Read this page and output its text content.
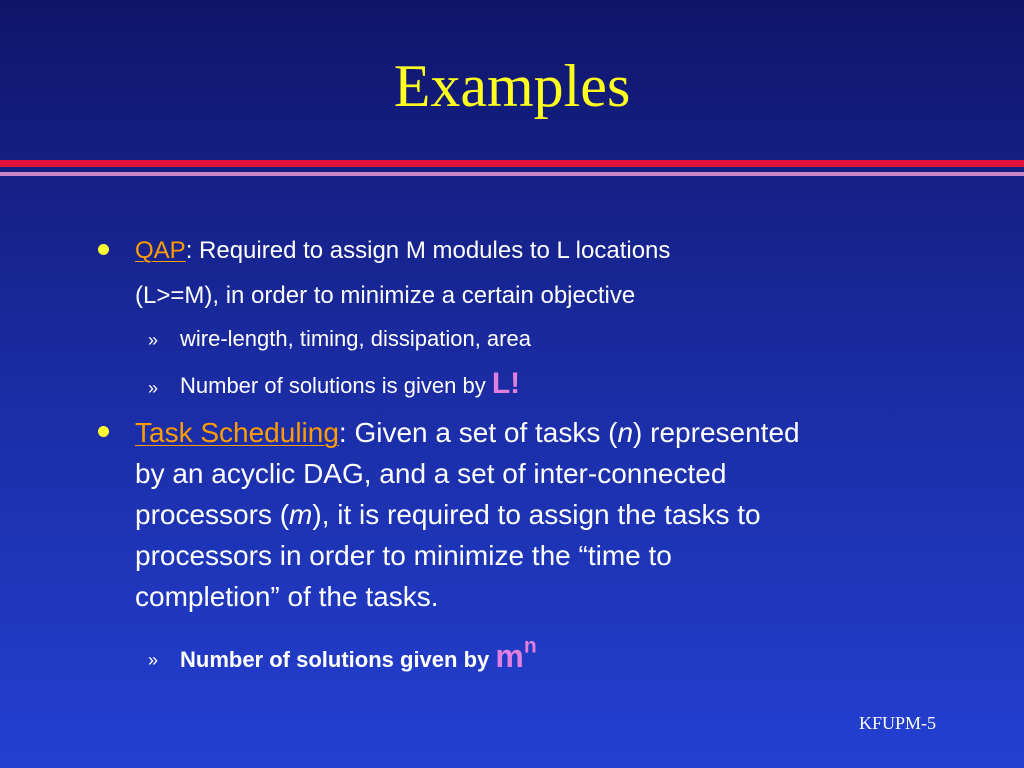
Examples
QAP: Required to assign M modules to L locations
(L>=M), in order to minimize a certain objective
» wire-length, timing, dissipation, area
» Number of solutions is given by L!
Task Scheduling: Given a set of tasks (n) represented
by an acyclic DAG, and a set of inter-connected
processors (m), it is required to assign the tasks to
processors in order to minimize the “time to
completion” of the tasks.
» Number of solutions given by $m^n$
KFUPM-5
